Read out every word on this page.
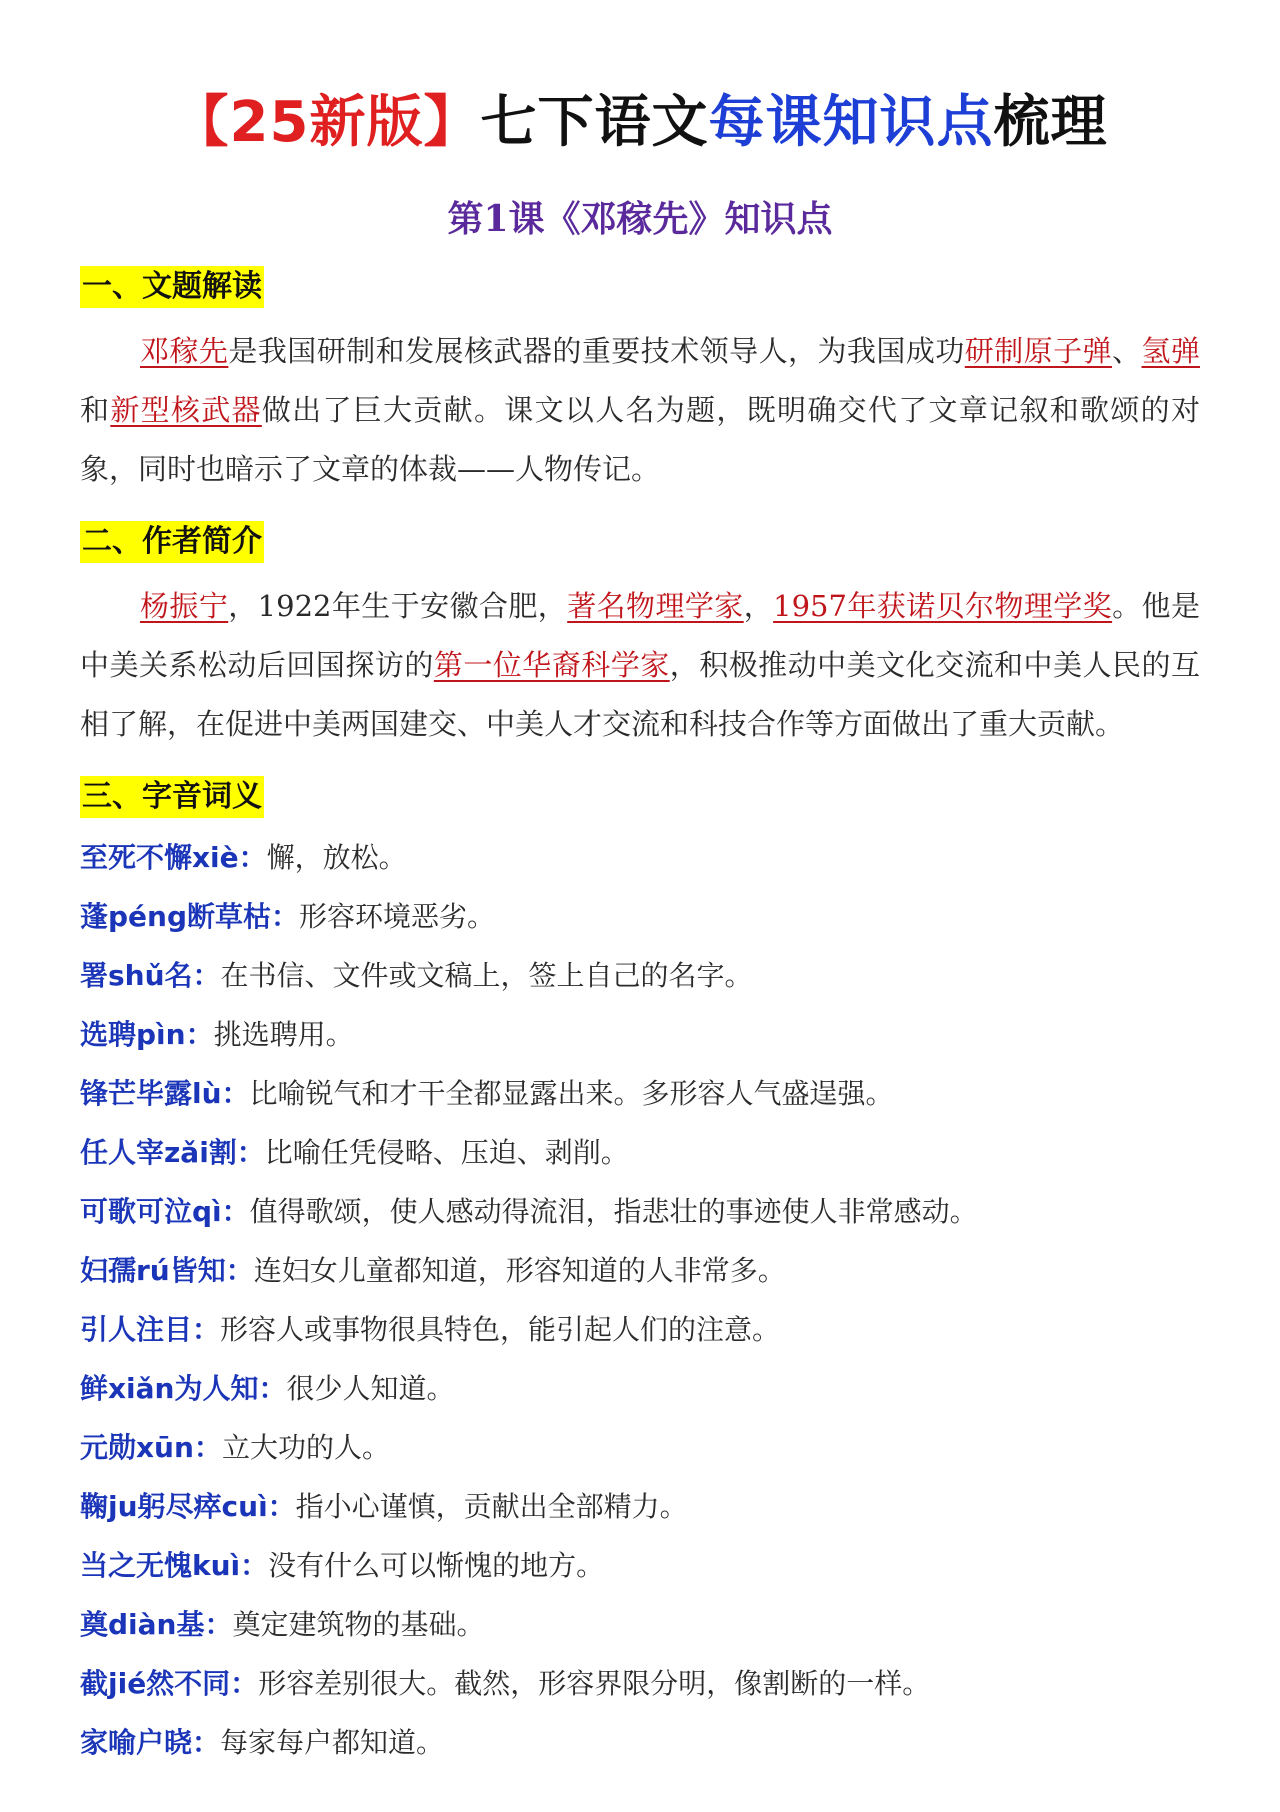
【25新版】七下语文每课知识点梳理
第1课《邓稼先》知识点
一、文题解读

邓稼先是我国研制和发展核武器的重要技术领导人，为我国成功研制原子弹、氢弹和新型核武器做出了巨大贡献。课文以人名为题，既明确交代了文章记叙和歌颂的对象，同时也暗示了文章的体裁——人物传记。

二、作者简介

杨振宁，1922年生于安徽合肥，著名物理学家，1957年获诺贝尔物理学奖。他是中美关系松动后回国探访的第一位华裔科学家，积极推动中美文化交流和中美人民的互相了解，在促进中美两国建交、中美人才交流和科技合作等方面做出了重大贡献。

三、字音词义
至死不懈xiè：懈，放松。
蓬péng断草枯：形容环境恶劣。
署shǔ名：在书信、文件或文稿上，签上自己的名字。
选聘pìn：挑选聘用。
锋芒毕露lù：比喻锐气和才干全都显露出来。多形容人气盛逞强。
任人宰zǎi割：比喻任凭侵略、压迫、剥削。
可歌可泣qì：值得歌颂，使人感动得流泪，指悲壮的事迹使人非常感动。
妇孺rú皆知：连妇女儿童都知道，形容知道的人非常多。
引人注目：形容人或事物很具特色，能引起人们的注意。
鲜xiǎn为人知：很少人知道。
元勋xūn：立大功的人。
鞠ju躬尽瘁cuì：指小心谨慎，贡献出全部精力。
当之无愧kuì：没有什么可以惭愧的地方。
奠diàn基：奠定建筑物的基础。
截jié然不同：形容差别很大。截然，形容界限分明，像割断的一样。
家喻户晓：每家每户都知道。
